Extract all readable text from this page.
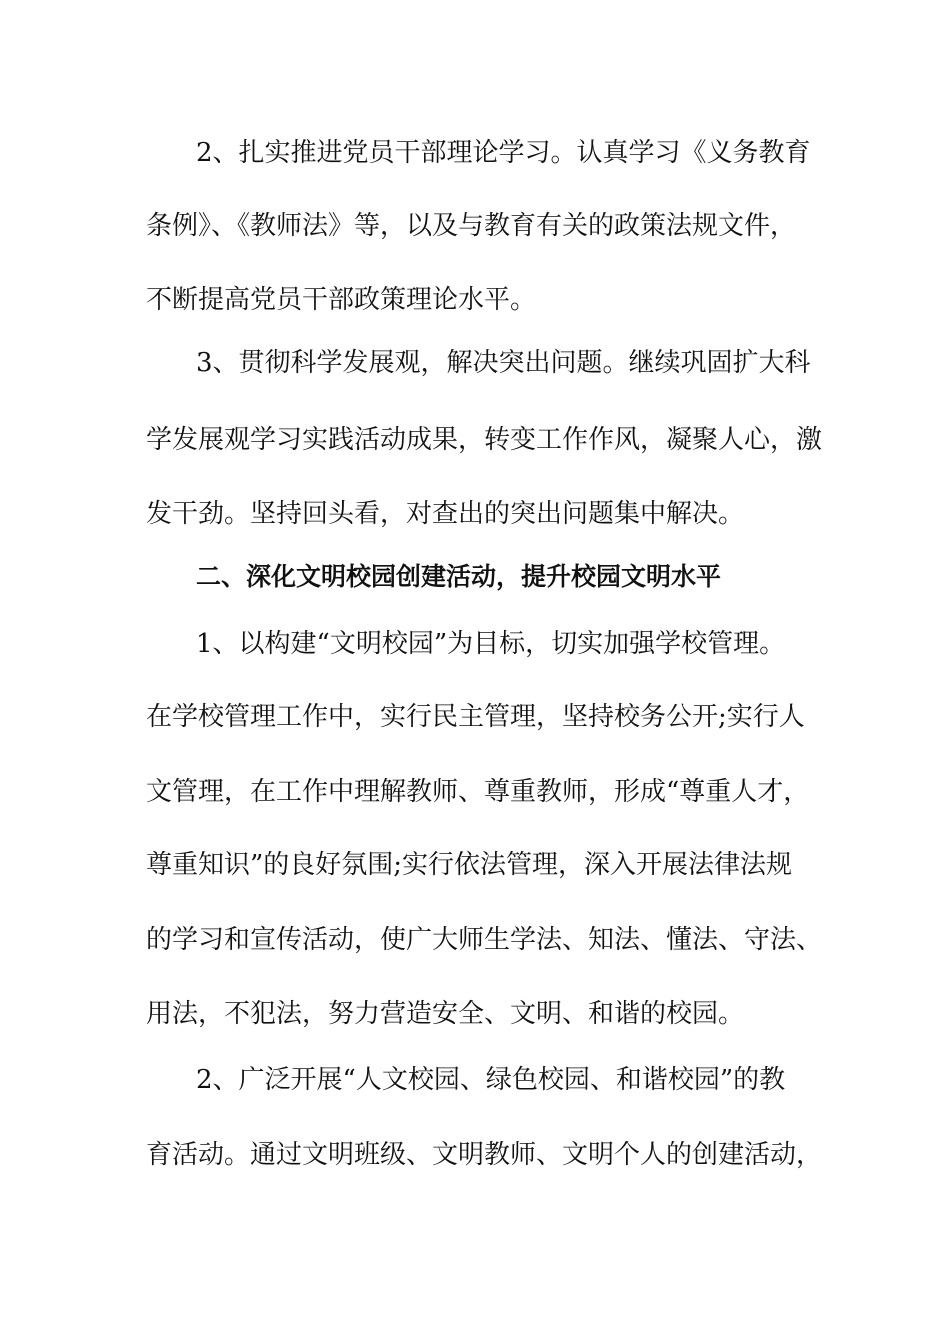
2、扎实推进党员干部理论学习。认真学习《义务教育
条例》、《教师法》等，以及与教育有关的政策法规文件，
不断提高党员干部政策理论水平。
3、贯彻科学发展观，解决突出问题。继续巩固扩大科
学发展观学习实践活动成果，转变工作作风，凝聚人心，激
发干劲。坚持回头看，对查出的突出问题集中解决。
二、深化文明校园创建活动，提升校园文明水平
1、以构建“文明校园”为目标，切实加强学校管理。
在学校管理工作中，实行民主管理，坚持校务公开;实行人
文管理，在工作中理解教师、尊重教师，形成“尊重人才，
尊重知识”的良好氛围;实行依法管理，深入开展法律法规
的学习和宣传活动，使广大师生学法、知法、懂法、守法、
用法，不犯法，努力营造安全、文明、和谐的校园。
2、广泛开展“人文校园、绿色校园、和谐校园”的教
育活动。通过文明班级、文明教师、文明个人的创建活动，
